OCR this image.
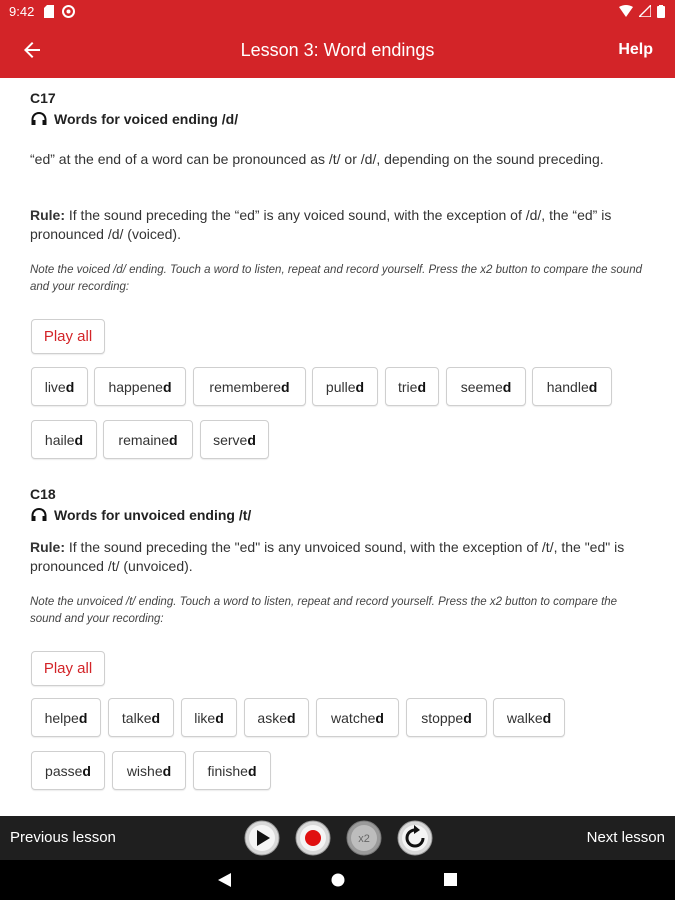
9:42
Lesson 3: Word endings	Help
C17
Words for voiced ending /d/
“ed” at the end of a word can be pronounced as /t/ or /d/, depending on the sound preceding.
Rule: If the sound preceding the “ed” is any voiced sound, with the exception of /d/, the “ed” is pronounced /d/ (voiced).
Note the voiced /d/ ending. Touch a word to listen, repeat and record yourself. Press the x2 button to compare the sound and your recording:
Play all
live d happene d	remembere d	pulle d trie d seeme d	handle d
haile d	remaine d	serve d
C18
Words for unvoiced ending /t/
Rule: If the sound preceding the "ed" is any unvoiced sound, with the exception of /t/, the "ed" is pronounced /t/ (unvoiced).
Note the unvoiced /t/ ending. Touch a word to listen, repeat and record yourself. Press the x2 button to compare the sound and your recording:
Play all
helpe d talke d like d aske d	watche d	stoppe d	walke d
passe d	wishe d	finishe d
Previous lesson	x2	Next lesson
